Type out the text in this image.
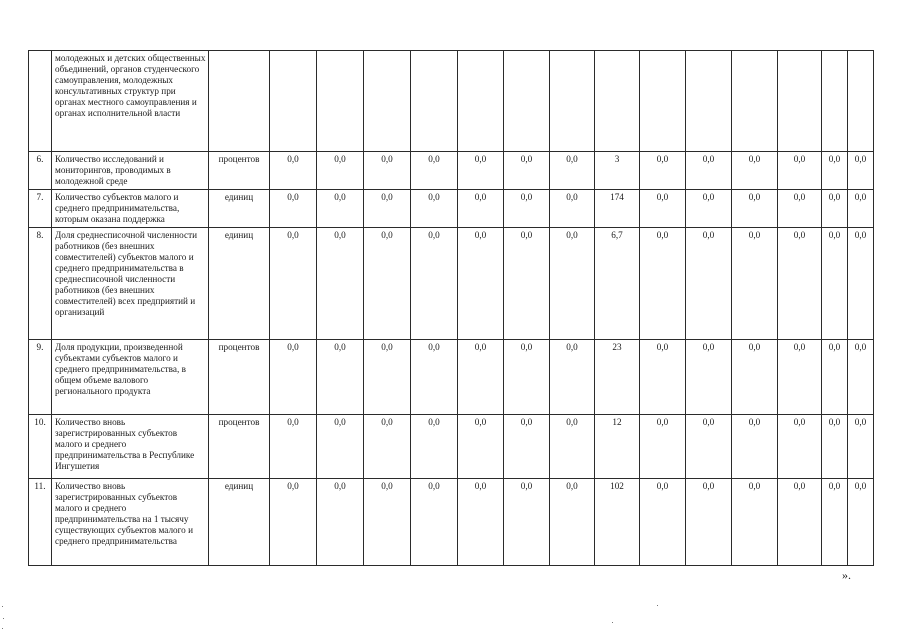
	молодежных и детских общественных объединений, органов студенческого самоуправления, молодежных консультативных структур при органах местного самоуправления и органах исполнительной власти															
6.	Количество исследований и мониторингов, проводимых в молодежной среде	процентов	0,0	0,0	0,0	0,0	0,0	0,0	0,0	3	0,0	0,0	0,0	0,0	0,0	0,0
7.	Количество субъектов малого и среднего предпринимательства, которым оказана поддержка	единиц	0,0	0,0	0,0	0,0	0,0	0,0	0,0	174	0,0	0,0	0,0	0,0	0,0	0,0
8.	Доля среднесписочной численности работников (без внешних совместителей) субъектов малого и среднего предпринимательства в среднесписочной численности работников (без внешних совместителей) всех предприятий и организаций	единиц	0,0	0,0	0,0	0,0	0,0	0,0	0,0	6,7	0,0	0,0	0,0	0,0	0,0	0,0
9.	Доля продукции, произведенной субъектами субъектов малого и среднего предпринимательства, в общем объеме валового регионального продукта	процентов	0,0	0,0	0,0	0,0	0,0	0,0	0,0	23	0,0	0,0	0,0	0,0	0,0	0,0
10.	Количество вновь зарегистрированных субъектов малого и среднего предпринимательства в Республике Ингушетия	процентов	0,0	0,0	0,0	0,0	0,0	0,0	0,0	12	0,0	0,0	0,0	0,0	0,0	0,0
11.	Количество вновь зарегистрированных субъектов малого и среднего предпринимательства на 1 тысячу существующих субъектов малого и среднего предпринимательства	единиц	0,0	0,0	0,0	0,0	0,0	0,0	0,0	102	0,0	0,0	0,0	0,0	0,0	0,0
».
